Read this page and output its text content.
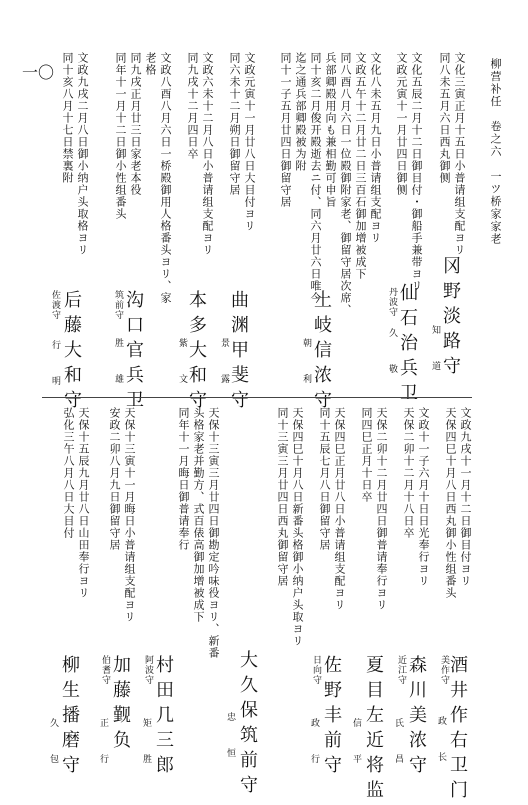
柳营补任　卷之六　一ツ桥家家老
一〇
冈野淡路守
知 道
文化三寅正月十五日小普请组支配ヨリ
同八未五月六日西丸御侧
仙石治兵卫
丹波守
久 敬
文化五辰二月十二日御目付・御船手兼带ヨリ
文政元寅十一月廿四日御侧
土岐信浓守
朝 利
文化八未五月九日小普请组支配ヨリ
文政五午十二月廿二日三百石御加增被成下
同八酉八月六日一位殿御附家老、御留守居次席、
兵部卿殿用向も兼相勤可申旨
同十亥二月俊开殿逝去ニ付、同六月廿六日唯今
迄之通兵部卿殿被为附
同十一子五月廿四日御留守居
曲渊甲斐守
景 露
文政元寅十一月廿八日大目付ヨリ
同六未十二月朔日御留守居
本多大和守
紫 文
文政六未十二月八日小普请组支配ヨリ
同九戌十二月四日卒
沟口官兵卫
筑前守
胜 雄
文政八酉八月六日一桥殿御用人格番头ヨリ、家
老格
同九戌正月廿三日家老本役
同年十一月十二日御小性组番头
后藤大和守
佐渡守
行 明
文政九戌二月八日御小纳户头取格ヨリ
同十亥八月十七日禁裏附
酒井作右卫门
美作守
政 长
文政九戌十一月十二日御目付ヨリ
天保四巳十月八日西丸御小性组番头
森川美浓守
近江守
氏 昌
文政十一子六月十日日光奉行ヨリ
天保二卯十二月十八日卒
夏目左近将监
信 平
天保二卯十二月廿四日御普请奉行ヨリ
同四巳正月十日卒
佐野丰前守
日向守
政 行
天保四巳正月廿八日小普请组支配ヨリ
同十五辰七月八日御留守居
大久保筑前守
忠 恒
天保四巳十月八日新番头格御小纳户头取ヨリ
同十三寅三月廿四日西丸御留守居
村田几三郎
阿波守
矩 胜
天保十三寅三月廿四日御勘定吟味役ヨリ、新番
头格家老并勤方、式百俵高御加增被成下
同年十一月晦日御普请奉行
加藤觐负
伯耆守
正 行
天保十三寅十一月晦日小普请组支配ヨリ
安政二卯八月九日御留守居
柳生播磨守
久 包
天保十五辰九月廿八日山田奉行ヨリ
弘化三午八月八日大目付
